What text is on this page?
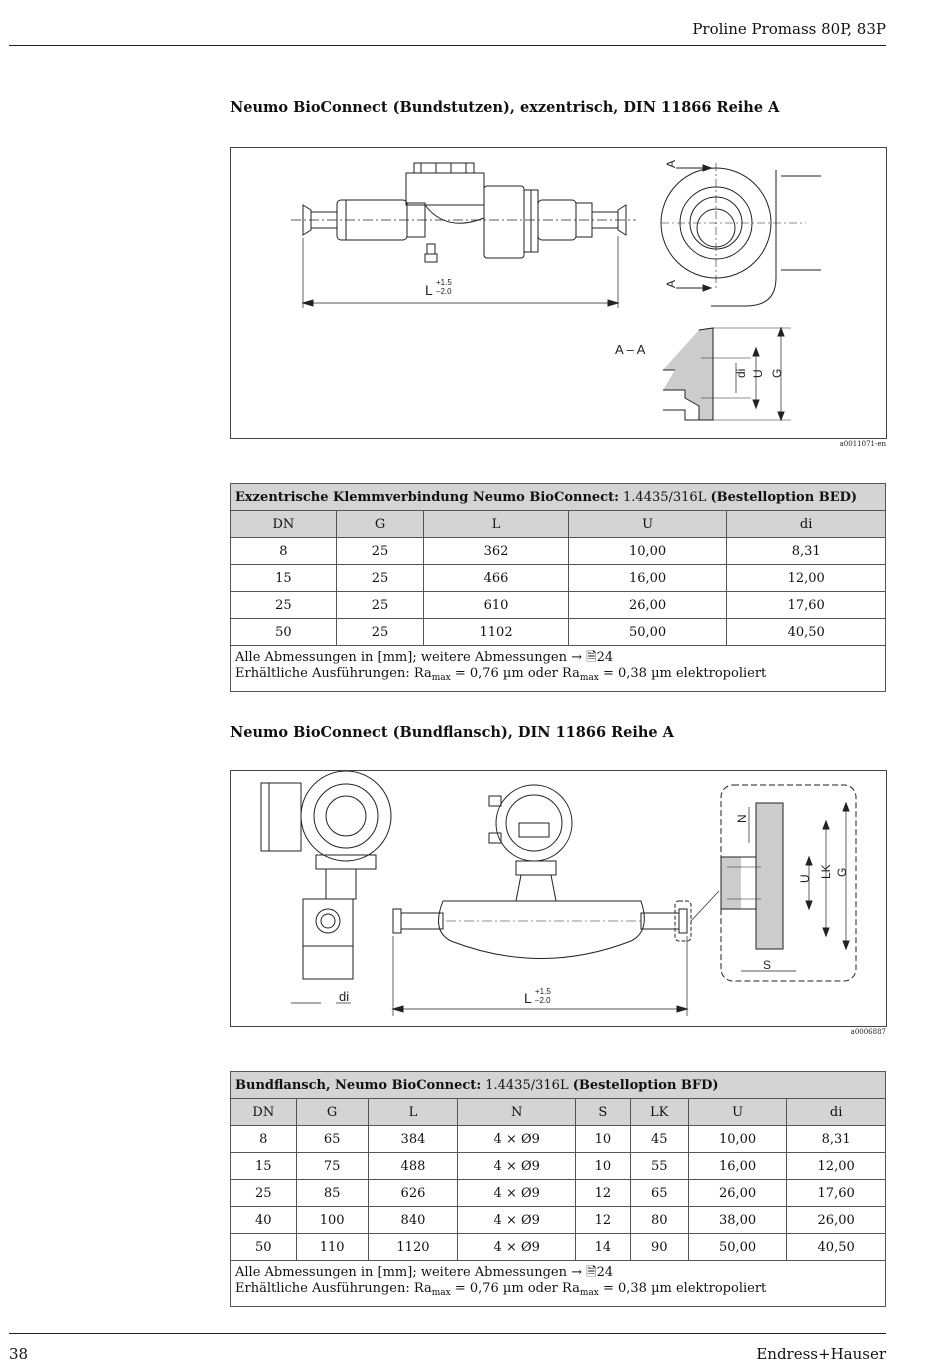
Proline Promass 80P, 83P
Neumo BioConnect (Bundstutzen), exzentrisch, DIN 11866 Reihe A
L +1.5
–2.0
A
A
A – A
di U G
a0011071-en
Exzentrische Klemmverbindung Neumo BioConnect: 1.4435/316L (Bestelloption BED)				
DN	G	L	U	di
8	25	362	10,00	8,31
15	25	466	16,00	12,00
25	25	610	26,00	17,60
50	25	1102	50,00	40,50
Alle Abmessungen in [mm]; weitere Abmessungen → 🗎24
Erhältliche Ausführungen: $Ra_{max} = 0,76$ µm oder $Ra_{max} = 0,38$ µm elektropoliert				
Neumo BioConnect (Bundflansch), DIN 11866 Reihe A
di	L +1.5
–2.0
N
U LK G
S
a0006887
Bundflansch, Neumo BioConnect: 1.4435/316L (Bestelloption BFD)							
DN	G	L	N	S	LK	U	di
8	65	384	4 × Ø9	10	45	10,00	8,31
15	75	488	4 × Ø9	10	55	16,00	12,00
25	85	626	4 × Ø9	12	65	26,00	17,60
40	100	840	4 × Ø9	12	80	38,00	26,00
50	110	1120	4 × Ø9	14	90	50,00	40,50
Alle Abmessungen in [mm]; weitere Abmessungen → 🗎24
Erhältliche Ausführungen: $Ra_{max} = 0,76$ µm oder $Ra_{max} = 0,38$ µm elektropoliert							
38	Endress+Hauser
